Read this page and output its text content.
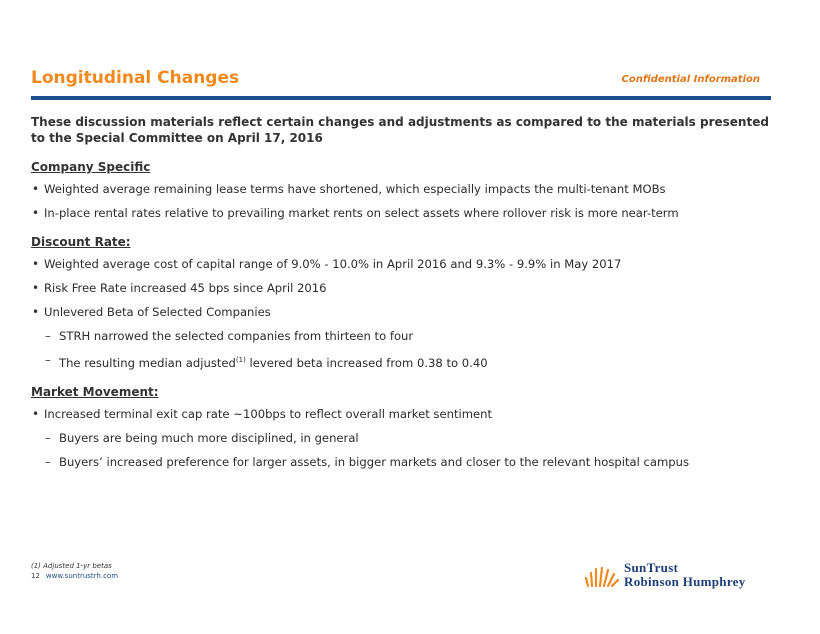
Longitudinal Changes	Confidential Information

These discussion materials reflect certain changes and adjustments as compared to the materials presented to the Special Committee on April 17, 2016

Company Specific
• Weighted average remaining lease terms have shortened, which especially impacts the multi-tenant MOBs
• In-place rental rates relative to prevailing market rents on select assets where rollover risk is more near-term
Discount Rate:
• Weighted average cost of capital range of 9.0% - 10.0% in April 2016 and 9.3% - 9.9% in May 2017
• Risk Free Rate increased 45 bps since April 2016
• Unlevered Beta of Selected Companies
– STRH narrowed the selected companies from thirteen to four
– The resulting median adjusted$^{(1)}$ levered beta increased from 0.38 to 0.40
Market Movement:
• Increased terminal exit cap rate ~100bps to reflect overall market sentiment
– Buyers are being much more disciplined, in general
– Buyers’ increased preference for larger assets, in bigger markets and closer to the relevant hospital campus
(1) Adjusted 1-yr betas
12 www.suntrustrh.com
SunTrust
Robinson Humphrey
